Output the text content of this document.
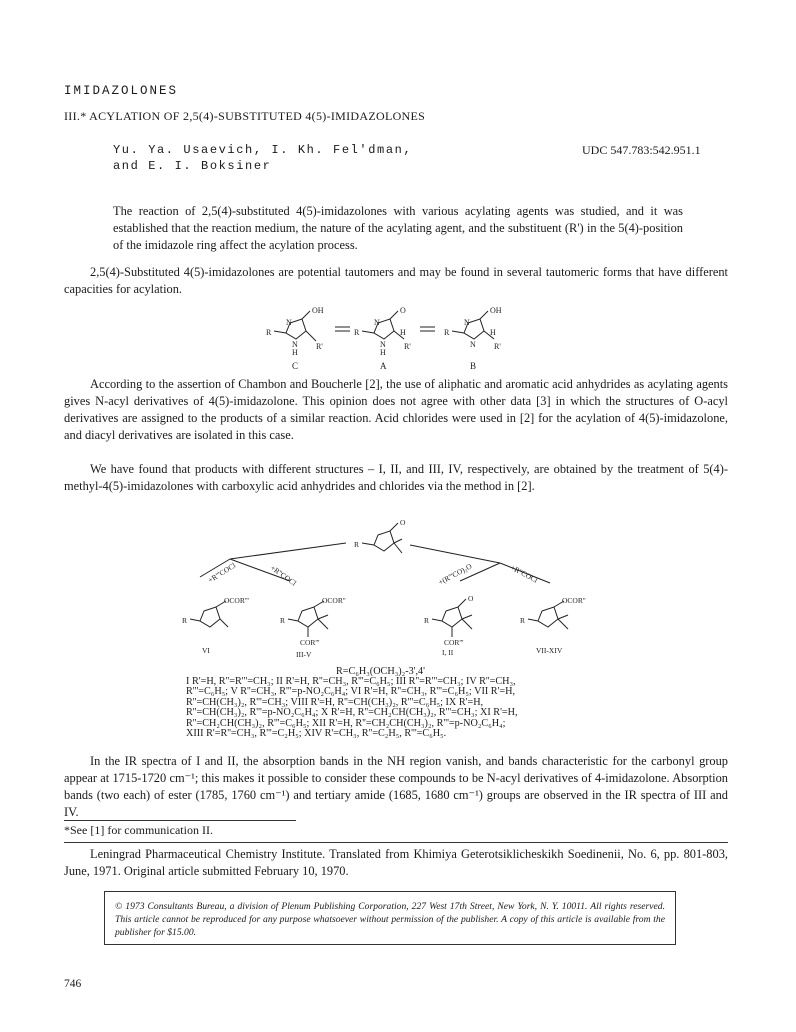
IMIDAZOLONES
III.* ACYLATION OF 2,5(4)-SUBSTITUTED 4(5)-IMIDAZOLONES
Yu. Ya. Usaevich, I. Kh. Fel'dman,
and E. I. Boksiner
UDC 547.783:542.951.1

The reaction of 2,5(4)-substituted 4(5)-imidazolones with various acylating agents was studied, and it was established that the reaction medium, the nature of the acylating agent, and the substituent (R') in the 5(4)-position of the imidazole ring affect the acylation process.

2,5(4)-Substituted 4(5)-imidazolones are potential tautomers and may be found in several tautomeric forms that have different capacities for acylation.

R
N
N
H
OH
R'
R
N
N
H
O
H
R'
R
N
N
OH
H
R'
C	A	B

According to the assertion of Chambon and Boucherle [2], the use of aliphatic and aromatic acid anhydrides as acylating agents gives N-acyl derivatives of 4(5)-imidazolone. This opinion does not agree with other data [3] in which the structures of O-acyl derivatives are assigned to the products of a similar reaction. Acid chlorides were used in [2] for the acylation of 4(5)-imidazolone, and diacyl derivatives are isolated in this case.

We have found that products with different structures – I, II, and III, IV, respectively, are obtained by the treatment of 5(4)-methyl-4(5)-imidazolones with carboxylic acid anhydrides and chlorides via the method in [2].

R
O
+R'''COCl	+R''COCl	+(R'''CO)₂O	+R''COCl
OCOR'''
R
OCOR''
R
COR'''
R
O
COR'''
OCOR''
R
VI	III-V	I, II	VII-XIV
R=C₆H₃(OCH₃)₂-3',4'
I R'=H, R''=R'''=CH₃; II R'=H, R''=CH₃, R'''=C₆H₅; III R''=R'''=CH₃; IV R''=CH₃,
R'''=C₆H₅; V R''=CH₃, R'''=p-NO₂C₆H₄; VI R'=H, R''=CH₃, R'''=C₆H₅; VII R'=H,
R''=CH(CH₃)₂, R'''=CH₃; VIII R'=H, R''=CH(CH₃)₂, R'''=C₆H₅; IX R'=H,
R''=CH(CH₃)₂, R'''=p-NO₂C₆H₄; X R'=H, R''=CH₂CH(CH₃)₂, R'''=CH₃; XI R'=H,
R''=CH₂CH(CH₃)₂, R'''=C₆H₅; XII R'=H, R''=CH₂CH(CH₃)₂, R'''=p-NO₂C₆H₄;
XIII R'=R''=CH₃, R'''=C₂H₅; XIV R'=CH₃, R''=C₂H₅, R'''=C₆H₅.

In the IR spectra of I and II, the absorption bands in the NH region vanish, and bands characteristic for the carbonyl group appear at 1715-1720 cm⁻¹; this makes it possible to consider these compounds to be N-acyl derivatives of 4-imidazolone. Absorption bands (two each) of ester (1785, 1760 cm⁻¹) and tertiary amide (1685, 1680 cm⁻¹) groups are observed in the IR spectra of III and IV.

*See [1] for communication II.

Leningrad Pharmaceutical Chemistry Institute. Translated from Khimiya Geterotsiklicheskikh Soedinenii, No. 6, pp. 801-803, June, 1971. Original article submitted February 10, 1970.

© 1973 Consultants Bureau, a division of Plenum Publishing Corporation, 227 West 17th Street, New York, N. Y. 10011. All rights reserved. This article cannot be reproduced for any purpose whatsoever without permission of the publisher. A copy of this article is available from the publisher for $15.00.
746
